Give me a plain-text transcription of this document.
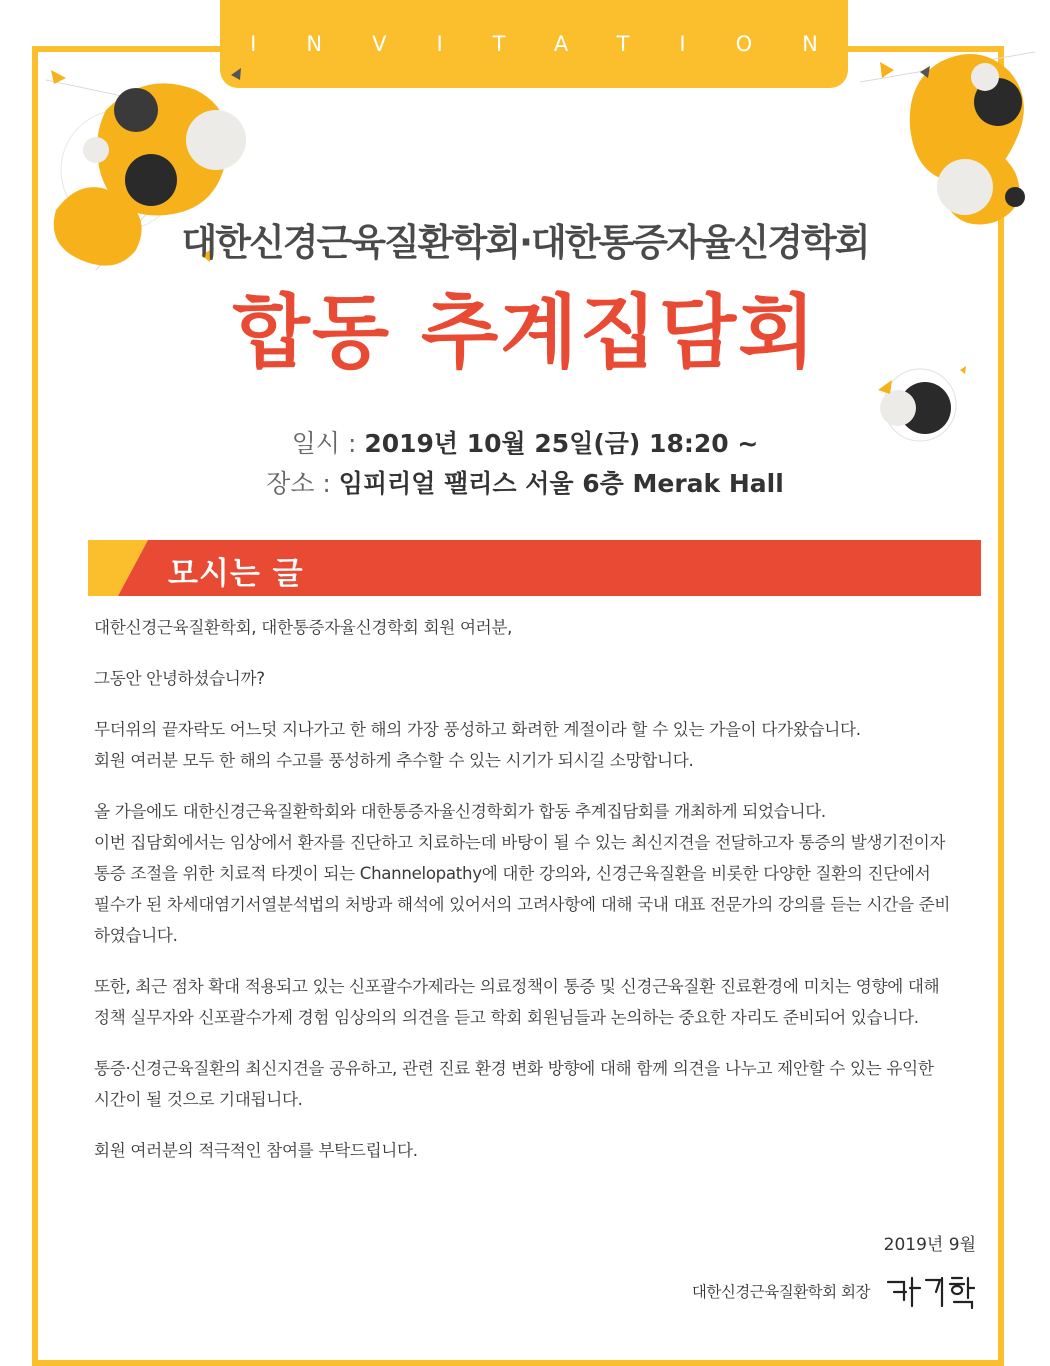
INVITATION
대한신경근육질환학회·대한통증자율신경학회
합동 추계집담회
일시 : 2019년 10월 25일(금) 18:20 ~
장소 : 임피리얼 팰리스 서울 6층 Merak Hall
모시는 글

대한신경근육질환학회, 대한통증자율신경학회 회원 여러분,

그동안 안녕하셨습니까?

무더위의 끝자락도 어느덧 지나가고 한 해의 가장 풍성하고 화려한 계절이라 할 수 있는 가을이 다가왔습니다.
회원 여러분 모두 한 해의 수고를 풍성하게 추수할 수 있는 시기가 되시길 소망합니다.

올 가을에도 대한신경근육질환학회와 대한통증자율신경학회가 합동 추계집담회를 개최하게 되었습니다.
이번 집담회에서는 임상에서 환자를 진단하고 치료하는데 바탕이 될 수 있는 최신지견을 전달하고자 통증의 발생기전이자
통증 조절을 위한 치료적 타겟이 되는 Channelopathy에 대한 강의와, 신경근육질환을 비롯한 다양한 질환의 진단에서
필수가 된 차세대염기서열분석법의 처방과 해석에 있어서의 고려사항에 대해 국내 대표 전문가의 강의를 듣는 시간을 준비
하였습니다.

또한, 최근 점차 확대 적용되고 있는 신포괄수가제라는 의료정책이 통증 및 신경근육질환 진료환경에 미치는 영향에 대해
정책 실무자와 신포괄수가제 경험 임상의의 의견을 듣고 학회 회원님들과 논의하는 중요한 자리도 준비되어 있습니다.

통증·신경근육질환의 최신지견을 공유하고, 관련 진료 환경 변화 방향에 대해 함께 의견을 나누고 제안할 수 있는 유익한
시간이 될 것으로 기대됩니다.

회원 여러분의 적극적인 참여를 부탁드립니다.

2019년 9월
대한신경근육질환학회 회장
